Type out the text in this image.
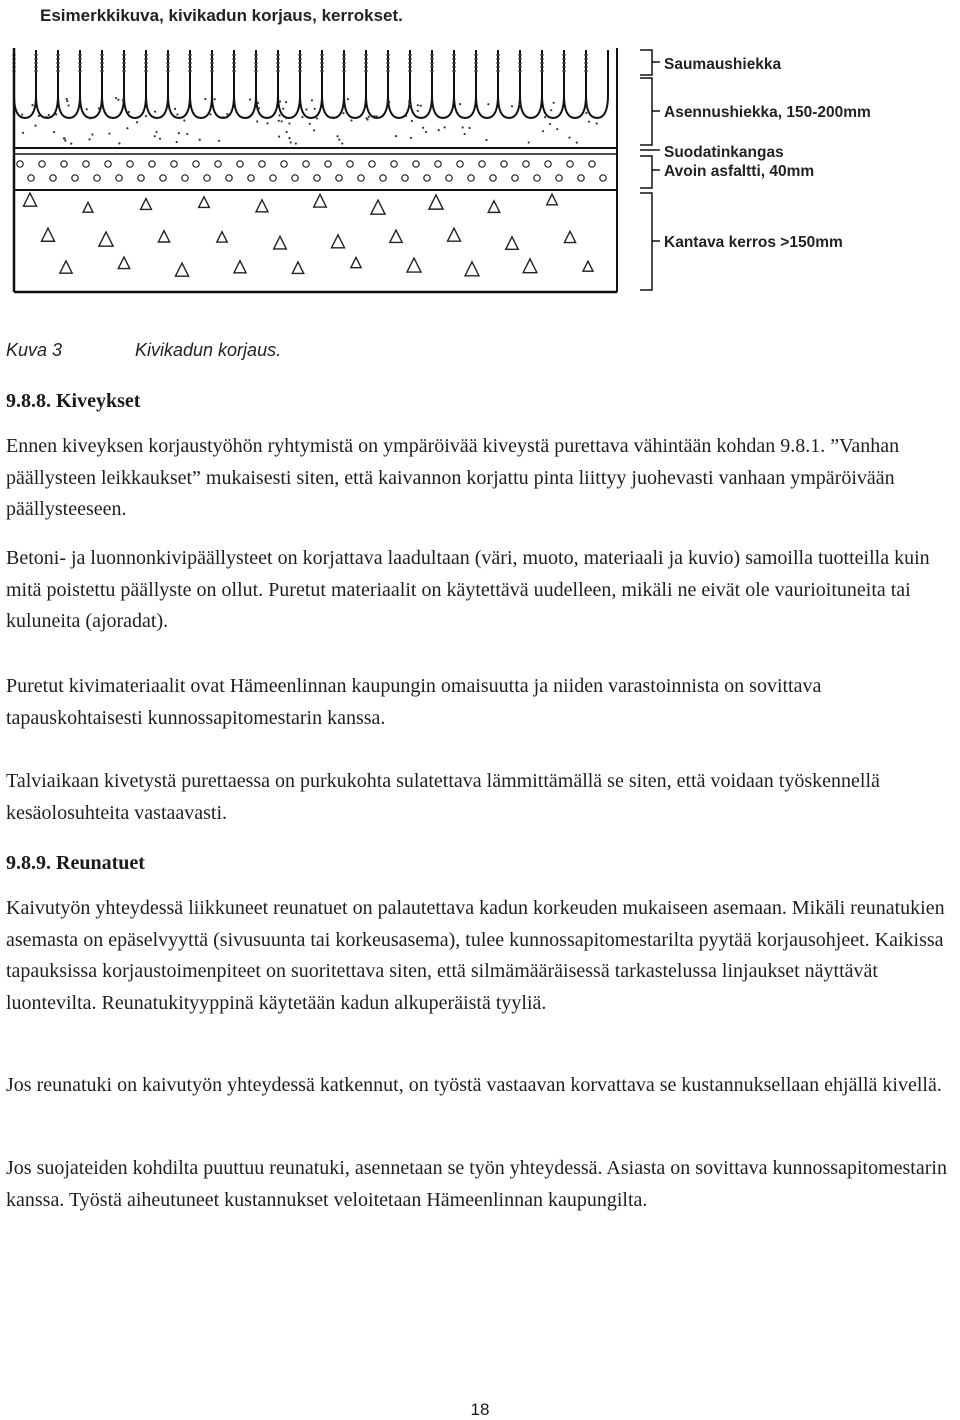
Esimerkkikuva, kivikadun korjaus, kerrokset.
Saumaushiekka
Asennushiekka, 150-200mm
Suodatinkangas
Avoin asfaltti, 40mm
Kantava kerros >150mm
Kuva 3	Kivikadun korjaus.
9.8.8. Kiveykset

Ennen kiveyksen korjaustyöhön ryhtymistä on ympäröivää kiveystä purettava vähintään kohdan 9.8.1. ”Vanhan päällysteen leikkaukset” mukaisesti siten, että kaivannon korjattu pinta liittyy juohevasti vanhaan ympäröivään päällysteeseen.

Betoni- ja luonnonkivipäällysteet on korjattava laadultaan (väri, muoto, materiaali ja kuvio) samoilla tuotteilla kuin mitä poistettu päällyste on ollut. Puretut materiaalit on käytettävä uudelleen, mikäli ne eivät ole vaurioituneita tai kuluneita (ajoradat).

Puretut kivimateriaalit ovat Hämeenlinnan kaupungin omaisuutta ja niiden varastoinnista on sovittava tapauskohtaisesti kunnossapitomestarin kanssa.

Talviaikaan kivetystä purettaessa on purkukohta sulatettava lämmittämällä se siten, että voidaan työskennellä kesäolosuhteita vastaavasti.

9.8.9. Reunatuet

Kaivutyön yhteydessä liikkuneet reunatuet on palautettava kadun korkeuden mukaiseen asemaan. Mikäli reunatukien asemasta on epäselvyyttä (sivusuunta tai korkeusasema), tulee kunnossapitomestarilta pyytää korjausohjeet. Kaikissa tapauksissa korjaustoimenpiteet on suoritettava siten, että silmämääräisessä tarkastelussa linjaukset näyttävät luontevilta. Reunatukityyppinä käytetään kadun alkuperäistä tyyliä.

Jos reunatuki on kaivutyön yhteydessä katkennut, on työstä vastaavan korvattava se kustannuksellaan ehjällä kivellä.

Jos suojateiden kohdilta puuttuu reunatuki, asennetaan se työn yhteydessä. Asiasta on sovittava kunnossapitomestarin kanssa. Työstä aiheutuneet kustannukset veloitetaan Hämeenlinnan kaupungilta.

18
